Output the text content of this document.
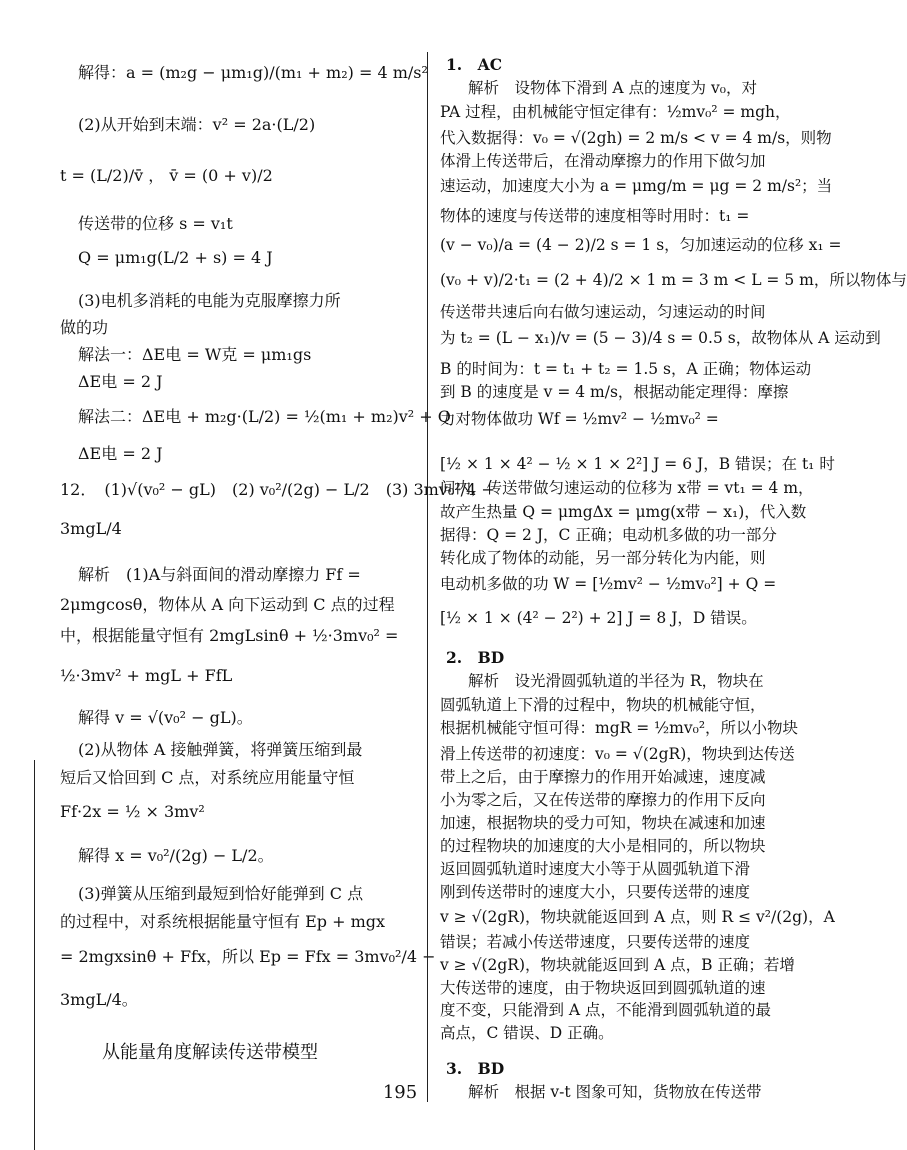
解得：a = (m₂g − μm₁g)/(m₁ + m₂) = 4 m/s²
(2)从开始到末端：v² = 2a·(L/2)
t = (L/2)/v̄ ， v̄ = (0 + v)/2
传送带的位移 s = v₁t
Q = μm₁g(L/2 + s) = 4 J
(3)电机多消耗的电能为克服摩擦力所
做的功
解法一：ΔE电 = W克 = μm₁gs
ΔE电 = 2 J
解法二：ΔE电 + m₂g·(L/2) = ½(m₁ + m₂)v² + Q
ΔE电 = 2 J
12．　(1)√(v₀² − gL)　(2) v₀²/(2g) − L/2　(3) 3mv₀²/4 −
3mgL/4
解析　(1)A与斜面间的滑动摩擦力 Ff =
2μmgcosθ，物体从 A 向下运动到 C 点的过程
中，根据能量守恒有 2mgLsinθ + ½·3mv₀² =
½·3mv² + mgL + FfL
解得 v = √(v₀² − gL)。
(2)从物体 A 接触弹簧，将弹簧压缩到最
短后又恰回到 C 点，对系统应用能量守恒
Ff·2x = ½ × 3mv²
解得 x = v₀²/(2g) − L/2。
(3)弹簧从压缩到最短到恰好能弹到 C 点
的过程中，对系统根据能量守恒有 Ep + mgx
= 2mgxsinθ + Ffx，所以 Ep = Ffx = 3mv₀²/4 −
3mgL/4。
从能量角度解读传送带模型
1.　AC
解析　设物体下滑到 A 点的速度为 v₀，对
PA 过程，由机械能守恒定律有：½mv₀² = mgh，
代入数据得：v₀ = √(2gh) = 2 m/s < v = 4 m/s，则物
体滑上传送带后，在滑动摩擦力的作用下做匀加
速运动，加速度大小为 a = μmg/m = μg = 2 m/s²；当
物体的速度与传送带的速度相等时用时：t₁ =
(v − v₀)/a = (4 − 2)/2 s = 1 s，匀加速运动的位移 x₁ =
(v₀ + v)/2·t₁ = (2 + 4)/2 × 1 m = 3 m < L = 5 m，所以物体与
传送带共速后向右做匀速运动，匀速运动的时间
为 t₂ = (L − x₁)/v = (5 − 3)/4 s = 0.5 s，故物体从 A 运动到
B 的时间为：t = t₁ + t₂ = 1.5 s，A 正确；物体运动
到 B 的速度是 v = 4 m/s，根据动能定理得：摩擦
力对物体做功 Wf = ½mv² − ½mv₀² =
[½ × 1 × 4² − ½ × 1 × 2²] J = 6 J，B 错误；在 t₁ 时
间内，传送带做匀速运动的位移为 x带 = vt₁ = 4 m，
故产生热量 Q = μmgΔx = μmg(x带 − x₁)，代入数
据得：Q = 2 J，C 正确；电动机多做的功一部分
转化成了物体的动能，另一部分转化为内能，则
电动机多做的功 W = [½mv² − ½mv₀²] + Q =
[½ × 1 × (4² − 2²) + 2] J = 8 J，D 错误。
2.　BD
解析　设光滑圆弧轨道的半径为 R，物块在
圆弧轨道上下滑的过程中，物块的机械能守恒，
根据机械能守恒可得：mgR = ½mv₀²，所以小物块
滑上传送带的初速度：v₀ = √(2gR)，物块到达传送
带上之后，由于摩擦力的作用开始减速，速度减
小为零之后，又在传送带的摩擦力的作用下反向
加速，根据物块的受力可知，物块在减速和加速
的过程物块的加速度的大小是相同的，所以物块
返回圆弧轨道时速度大小等于从圆弧轨道下滑
刚到传送带时的速度大小，只要传送带的速度
v ≥ √(2gR)，物块就能返回到 A 点，则 R ≤ v²/(2g)，A
错误；若减小传送带速度，只要传送带的速度
v ≥ √(2gR)，物块就能返回到 A 点，B 正确；若增
大传送带的速度，由于物块返回到圆弧轨道的速
度不变，只能滑到 A 点，不能滑到圆弧轨道的最
高点，C 错误、D 正确。
3.　BD
解析　根据 v-t 图象可知，货物放在传送带
195
